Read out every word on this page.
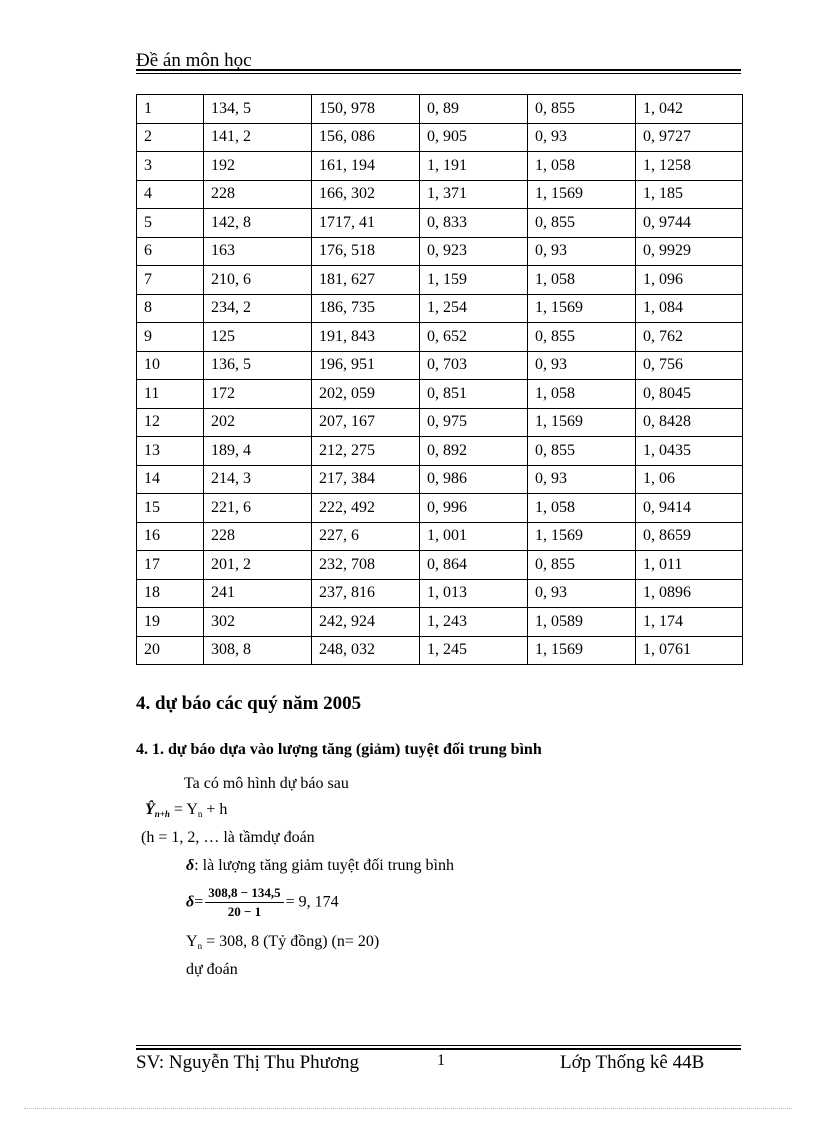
Đề án môn học
1	134, 5	150, 978	0, 89	0, 855	1, 042
2	141, 2	156, 086	0, 905	0, 93	0, 9727
3	192	161, 194	1, 191	1, 058	1, 1258
4	228	166, 302	1, 371	1, 1569	1, 185
5	142, 8	1717, 41	0, 833	0, 855	0, 9744
6	163	176, 518	0, 923	0, 93	0, 9929
7	210, 6	181, 627	1, 159	1, 058	1, 096
8	234, 2	186, 735	1, 254	1, 1569	1, 084
9	125	191, 843	0, 652	0, 855	0, 762
10	136, 5	196, 951	0, 703	0, 93	0, 756
11	172	202, 059	0, 851	1, 058	0, 8045
12	202	207, 167	0, 975	1, 1569	0, 8428
13	189, 4	212, 275	0, 892	0, 855	1, 0435
14	214, 3	217, 384	0, 986	0, 93	1, 06
15	221, 6	222, 492	0, 996	1, 058	0, 9414
16	228	227, 6	1, 001	1, 1569	0, 8659
17	201, 2	232, 708	0, 864	0, 855	1, 011
18	241	237, 816	1, 013	0, 93	1, 0896
19	302	242, 924	1, 243	1, 0589	1, 174
20	308, 8	248, 032	1, 245	1, 1569	1, 0761
4. dự báo các quý năm 2005
4. 1. dự báo dựa vào lượng tăng (giảm) tuyệt đối trung bình
Ta có mô hình dự báo sau
$Ŷ_{n+h} = Y_n + h$
(h = 1, 2, … là tầmdự đoán
δ: là lượng tăng giảm tuyệt đối trung bình
$\delta= \frac{308,8 - 134,5}{20 - 1} = 9$, 174
$Y_n = 308$, 8 (Tỷ đồng) (n= 20)
dự đoán
SV: Nguyễn Thị Thu Phương	1	Lớp Thống kê 44B
